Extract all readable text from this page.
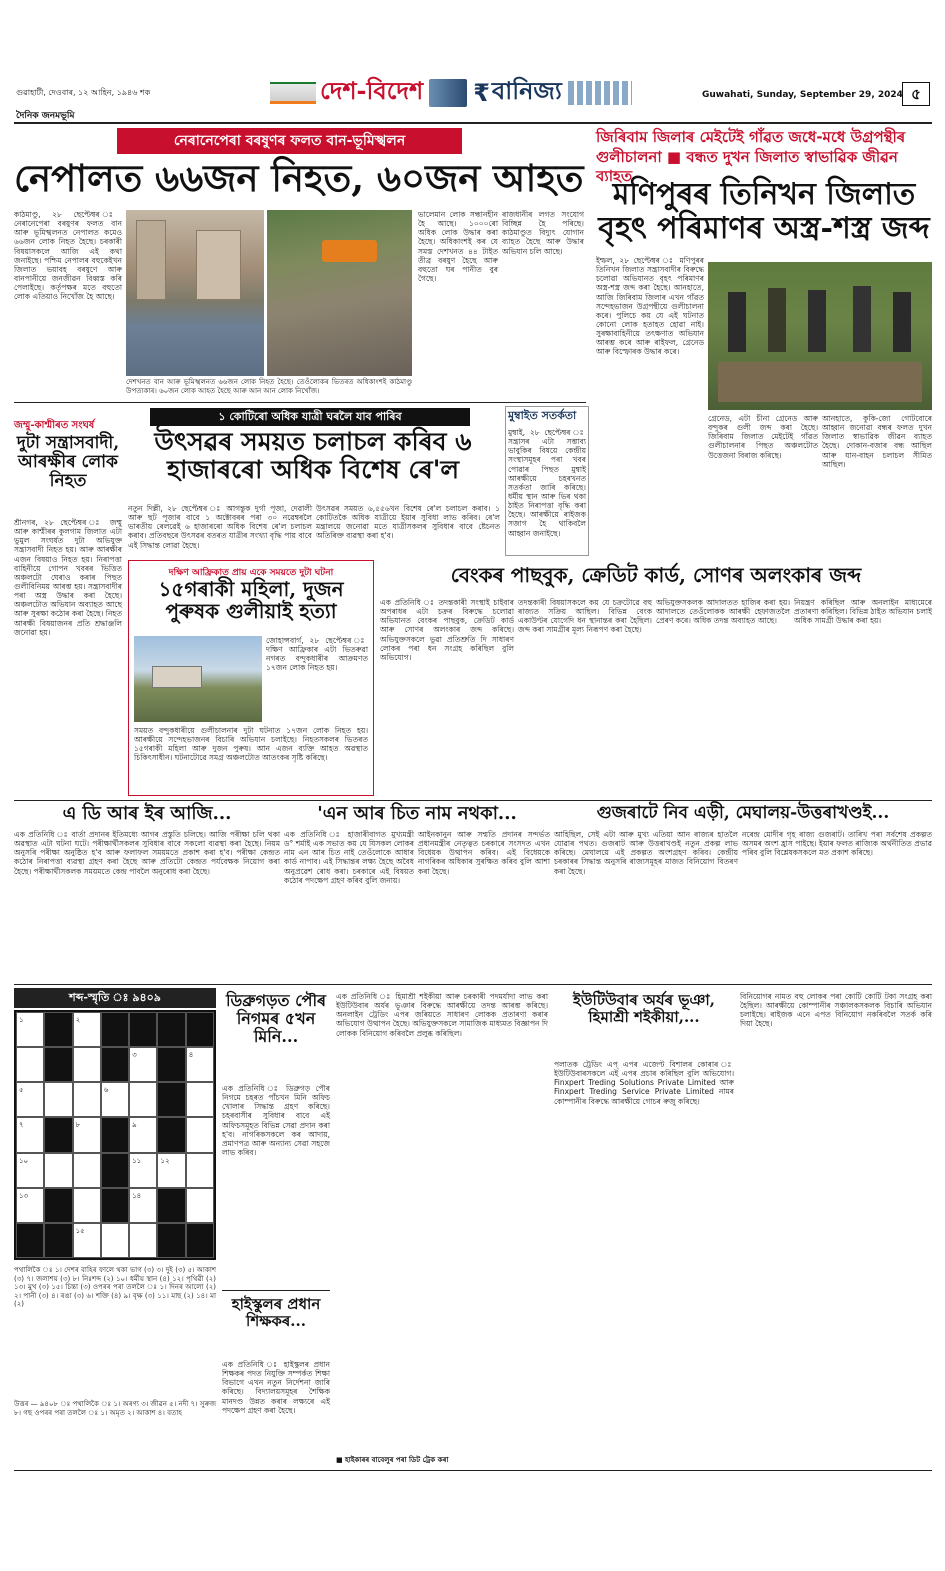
গুৱাহাটী, দেওবাৰ, ১২ আহিন, ১৯৪৬ শক
দৈনিক জনমভূমি
দেশ-বিদেশ ₹ বানিজ্য	Guwahati, Sunday, September 29, 2024 ৫
নেৰানেপেৰা বৰষুণৰ ফলত বান-ভূমিস্খলন
নেপালত ৬৬জন নিহত, ৬০জন আহত
কাঠমাণ্ডু, ২৮ ছেপ্টেম্বৰ ঃ নেৰানেপেৰা বৰষুণৰ ফলত বান আৰু ভূমিস্খলনত নেপালত কমেও ৬৬জন লোক নিহত হৈছে। চৰকাৰী বিষয়াসকলে আজি এই কথা জনাইছে। পশ্চিম নেপালৰ বহুকেইখন জিলাত ভয়াবহ বৰষুণে আৰু বানপানীয়ে জনজীৱন বিধ্বস্ত কৰি পেলাইছে। কৰ্তৃপক্ষৰ মতে বহুতো লোক এতিয়াও নিখোঁজ হৈ আছে।
দেশখনত বান আৰু ভূমিস্খলনত ৬৬জন লোক নিহত হৈছে। তেওঁলোকৰ ভিতৰত অধিকাংশই কাঠমাণ্ডু উপত্যকাৰ। ৬০জন লোক আহত হৈছে আৰু আন আন লোক নিখোঁজ।
ভালেমান লোক সন্ধানহীন হৈ আছে। ১০০০ৰো অধিক লোক উদ্ধাৰ কৰা হৈছে। অধিকাংশই কৰ যে সমস্ত দেশখনত ৪৪ টাইত তীব্ৰ বৰষুণ হৈছে আৰু বহুতো ঘৰ পানীত বুৰ গৈছে।
ৰাজধানীৰ লগত সংযোগ বিচ্ছিন্ন হৈ পৰিছে। কাঠমাণ্ডুত বিদ্যুৎ যোগান ব্যাহত হৈছে আৰু উদ্ধাৰ অভিযান চলি আছে।
জিৰিবাম জিলাৰ মেইটেই গাঁৱত জধে-মধে উগ্ৰপন্থীৰ গুলীচালনা ■ বন্ধত দুখন জিলাত স্বাভাৱিক জীৱন ব্যাহত
মণিপুৰৰ তিনিখন জিলাত বৃহৎ পৰিমাণৰ অস্ত্ৰ-শস্ত্ৰ জব্দ
ইম্ফল, ২৮ ছেপ্টেম্বৰ ঃ মণিপুৰৰ তিনিখন জিলাত সন্ত্ৰাসবাদীৰ বিৰুদ্ধে চলোৱা অভিযানত বৃহৎ পৰিমাণৰ অস্ত্ৰ-শস্ত্ৰ জব্দ কৰা হৈছে। আনহাতে, আজি জিৰিবাম জিলাৰ এখন গাঁৱত সন্দেহভাজন উগ্ৰপন্থীয়ে গুলীচালনা কৰে। পুলিচে কয় যে এই ঘটনাত কোনো লোক হতাহত হোৱা নাই। সুৰক্ষাবাহিনীয়ে তৎক্ষণাত অভিযান আৰম্ভ কৰে আৰু ৰাইফল, গ্ৰেনেড আৰু বিস্ফোৰক উদ্ধাৰ কৰে।
গ্ৰেনেড, এটা চীনা গ্ৰেনেড আৰু বন্দুকৰ গুলী জব্দ কৰা হৈছে। জিৰিবাম জিলাত মেইটেই গাঁৱত গুলীচালনাৰ পিছত অঞ্চলটোত উত্তেজনা বিৰাজ কৰিছে।
আনহাতে, কুকি-জো গোটবোৰে আহ্বান জনোৱা বন্ধৰ ফলত দুখন জিলাত স্বাভাৱিক জীৱন ব্যাহত হৈছে। দোকান-বজাৰ বন্ধ আছিল আৰু যান-বাহন চলাচল সীমিত আছিল।
জম্মু-কাশ্মীৰত সংঘৰ্ষ
দুটা সন্ত্ৰাসবাদী, আৰক্ষীৰ লোক নিহত
শ্ৰীনগৰ, ২৮ ছেপ্টেম্বৰ ঃ জম্মু আৰু কাশ্মীৰৰ কুলগাম জিলাত এটা ভুমুল সংঘৰ্ষত দুটা অভিযুক্ত সন্ত্ৰাসবাদী নিহত হয়। আৰু আৰক্ষীৰ এজন বিষয়াও নিহত হয়। নিৰাপত্তা বাহিনীয়ে গোপন খবৰৰ ভিত্তিত অঞ্চলটো ঘেৰাও কৰাৰ পিছত গুলীবিনিময় আৰম্ভ হয়। সন্ত্ৰাসবাদীৰ পৰা অস্ত্ৰ উদ্ধাৰ কৰা হৈছে। অঞ্চলটোত অভিযান অব্যাহত আছে আৰু সুৰক্ষা কঠোৰ কৰা হৈছে। নিহত আৰক্ষী বিষয়াজনৰ প্ৰতি শ্ৰদ্ধাঞ্জলি জনোৱা হয়।
১ কোটিৰো অধিক যাত্ৰী ঘৰলৈ যাব পাৰিব
উৎসৱৰ সময়ত চলাচল কৰিব ৬ হাজাৰৰো অধিক বিশেষ ৰে'ল
নতুন দিল্লী, ২৮ ছেপ্টেম্বৰ ঃ আগন্তুক দুৰ্গা পূজা, দেৱালী আৰু ছট পূজাৰ বাবে ১ অক্টোবৰৰ পৰা ৩০ নৱেম্বৰলৈ ভাৰতীয় ৰেলৱেই ৬ হাজাৰৰো অধিক বিশেষ ৰে'ল চলাচল কৰাব। প্ৰতিবছৰে উৎসৱৰ বতৰত যাত্ৰীৰ সংখ্যা বৃদ্ধি পায় বাবে এই সিদ্ধান্ত লোৱা হৈছে।
উৎসৱৰ সময়ত ৬,৫৫৬খন বিশেষ ৰে'ল চলাচল কৰাব। ১ কোটিতকৈ অধিক যাত্ৰীয়ে ইয়াৰ সুবিধা লাভ কৰিব। ৰে'ল মন্ত্ৰালয়ে জনোৱা মতে যাত্ৰীসকলৰ সুবিধাৰ বাবে ষ্টেচনত অতিৰিক্ত ব্যৱস্থা কৰা হ'ব।
মুম্বাইত সতৰ্কতা
মুম্বাই, ২৮ ছেপ্টেম্বৰ ঃ সন্ত্ৰাসৰ এটা সম্ভাব্য ভাবুকিৰ বিষয়ে কেন্দ্ৰীয় সংস্থাসমূহৰ পৰা খবৰ পোৱাৰ পিছত মুম্বাই আৰক্ষীয়ে চহৰখনত সতৰ্কতা জাৰি কৰিছে। ধৰ্মীয় স্থান আৰু ভিৰ থকা ঠাইত নিৰাপত্তা বৃদ্ধি কৰা হৈছে। আৰক্ষীয়ে ৰাইজক সজাগ হৈ থাকিবলৈ আহ্বান জনাইছে।
দক্ষিণ আফ্ৰিকাত প্ৰায় একে সময়তে দুটা ঘটনা
১৫গৰাকী মহিলা, দুজন পুৰুষক গুলীয়াই হত্যা
জোহান্সবাৰ্গ, ২৮ ছেপ্টেম্বৰ ঃ দক্ষিণ আফ্ৰিকাৰ এটা ভিতৰুৱা নগৰত বন্দুকধাৰীৰ আক্ৰমণত ১৭জন লোক নিহত হয়।
সময়ত বন্দুকধাৰীয়ে গুলীচালনাৰ দুটা ঘটনাত ১৭জন লোক নিহত হয়। আৰক্ষীয়ে সন্দেহভাজনৰ বিচাৰি অভিযান চলাইছে। নিহতসকলৰ ভিতৰত ১৫গৰাকী মহিলা আৰু দুজন পুৰুষ। আন এজন ব্যক্তি আহত অৱস্থাত চিকিৎসাধীন। ঘটনাটোৱে সমগ্ৰ অঞ্চলটোত আতংকৰ সৃষ্টি কৰিছে।
বেংকৰ পাছবুক, ক্ৰেডিট কাৰ্ড, সোণৰ অলংকাৰ জব্দ
এক প্ৰতিনিধি ঃ তদন্তকাৰী সংস্থাই চাইবাৰ অপৰাধৰ এটা চক্ৰৰ বিৰুদ্ধে চলোৱা অভিযানত বেংকৰ পাছবুক, ক্ৰেডিট কাৰ্ড আৰু সোণৰ অলংকাৰ জব্দ কৰিছে। অভিযুক্তসকলে ভুৱা প্ৰতিশ্ৰুতি দি সাধাৰণ লোকৰ পৰা ধন সংগ্ৰহ কৰিছিল বুলি অভিযোগ।
তদন্তকাৰী বিষয়াসকলে কয় যে চক্ৰটোৱে বহু ৰাজ্যত সক্ৰিয় আছিল। বিভিন্ন বেংক একাউণ্টৰ যোগেদি ধন স্থানান্তৰ কৰা হৈছিল। জব্দ কৰা সামগ্ৰীৰ মূল্য নিৰূপণ কৰা হৈছে।
অভিযুক্তসকলক আদালতত হাজিৰ কৰা হয়। আদালতে তেওঁলোকক আৰক্ষী হেফাজতলৈ প্ৰেৰণ কৰে। অধিক তদন্ত অব্যাহত আছে।
নিয়ন্ত্ৰণ কৰিছিল আৰু অনলাইন মাধ্যমেৰে প্ৰতাৰণা কৰিছিল। বিভিন্ন ঠাইত অভিযান চলাই অধিক সামগ্ৰী উদ্ধাৰ কৰা হয়।
এ ডি আৰ ইৰ আজি...	'এন আৰ চিত নাম নথকা...	গুজৰাটে নিব এড়ী, মেঘালয়-উত্তৰাখণ্ডই...
এক প্ৰতিনিধি ঃ বাৰ্তা প্ৰদানৰ ইতিমধ্যে আগৰ প্ৰস্তুতি চলিছে। আজি পৰীক্ষা চলি থকা অৱস্থাত এটা ঘটনা ঘটে। পৰীক্ষাৰ্থীসকলৰ সুবিধাৰ বাবে সকলো ব্যৱস্থা কৰা হৈছে। নিয়ম অনুসৰি পৰীক্ষা অনুষ্ঠিত হ'ব আৰু ফলাফল সময়মতে প্ৰকাশ কৰা হ'ব। পৰীক্ষা কেন্দ্ৰত কঠোৰ নিৰাপত্তা ব্যৱস্থা গ্ৰহণ কৰা হৈছে আৰু প্ৰতিটো কেন্দ্ৰত পৰ্যবেক্ষক নিয়োগ কৰা হৈছে। পৰীক্ষাৰ্থীসকলক সময়মতে কেন্দ্ৰ পাবলৈ অনুৰোধ কৰা হৈছে।
এক প্ৰতিনিধি ঃ হাজাৰীবাগত মুখ্যমন্ত্ৰী ড° শৰ্মাই এক সভাত কয় যে যিসকল লোকৰ নাম এন আৰ চিত নাই তেওঁলোকে আধাৰ কাৰ্ড নাপাব। এই সিদ্ধান্তৰ লক্ষ্য হৈছে অবৈধ অনুপ্ৰৱেশ ৰোধ কৰা। চৰকাৰে এই বিষয়ত কঠোৰ পদক্ষেপ গ্ৰহণ কৰিব বুলি জনায়।
আইনকানুন আৰু সন্মতি প্ৰদানৰ সন্দৰ্ভত প্ৰধানমন্ত্ৰীৰ নেতৃত্বত চৰকাৰে সংসদত এখন বিধেয়ক উত্থাপন কৰিব। এই বিধেয়কে নাগৰিকৰ অধিকাৰ সুৰক্ষিত কৰিব বুলি আশা কৰা হৈছে।
আহিছিল, সেই এটা আৰু মুখ্য এতিয়া আন ৰাজ্যৰ হাতলৈ যোৱাৰ পথত। গুজৰাট আৰু উত্তৰাখণ্ডই নতুন প্ৰকল্প লাভ কৰিছে। মেঘালয়ে এই প্ৰকল্পত অংশগ্ৰহণ কৰিব। কেন্দ্ৰীয় চৰকাৰৰ সিদ্ধান্ত অনুসৰি ৰাজ্যসমূহৰ মাজত বিনিয়োগ বিতৰণ কৰা হৈছে।
নৰেন্দ্ৰ মোদীৰ গৃহ ৰাজ্য গুজৰাট। তাৰিখ পৰা সৰ্বশেষ প্ৰকল্পত অসমৰ অংশ হ্ৰাস পাইছে। ইয়াৰ ফলত ৰাজ্যিক অৰ্থনীতিত প্ৰভাৱ পৰিব বুলি বিশ্লেষকসকলে মত প্ৰকাশ কৰিছে।
শব্দ-স্মৃতি ঃ ৯৪০৯
১	২
৩	৪
৫	৬
৭	৮	৯
১০	১১	১২
১৩	১৪
১৫
পথালিকৈ ঃ ১। দেশৰ বাহিৰ ফালে থকা ভাগ (৩) ৩। দুই (৩) ৫। আকাশ (৩) ৭। জলাশয় (৩) ৮। নিঃশব্দ (২) ১০। ধৰ্মীয় স্থান (৪) ১২। পৃথিৱী (২) ১৩। মুখ (৩) ১৫। চিন্তা (৩) ওপৰৰ পৰা তললৈ ঃ ১। দিনৰ আলো (২) ২। পানী (৩) ৪। ৰঙা (৩) ৬। শক্তি (৪) ৯। বৃক্ষ (৩) ১১। মাছ (২) ১৪। মা (২)
উত্তৰ — ৯৪০৮ ঃ পথালিকৈ ঃ ১। অৰণ্য ৩। জীৱন ৫। নদী ৭। সুৰুজ ৮। গছ ওপৰৰ পৰা তললৈ ঃ ১। অমৃত ২। আকাশ ৪। বতাহ
ডিব্ৰুগড়ত পৌৰ নিগমৰ ৫খন মিনি...
এক প্ৰতিনিধি ঃ ডিব্ৰুগড় পৌৰ নিগমে চহৰত পাঁচখন মিনি অফিচ খোলাৰ সিদ্ধান্ত গ্ৰহণ কৰিছে। চহৰবাসীৰ সুবিধাৰ বাবে এই অফিচসমূহত বিভিন্ন সেৱা প্ৰদান কৰা হ'ব। নাগৰিকসকলে কৰ আদায়, প্ৰমাণপত্ৰ আৰু অন্যান্য সেৱা সহজে লাভ কৰিব।
হাইস্কুলৰ প্ৰধান শিক্ষকৰ...
এক প্ৰতিনিধি ঃ হাইস্কুলৰ প্ৰধান শিক্ষকৰ পদত নিযুক্তি সম্পৰ্কত শিক্ষা বিভাগে এখন নতুন নিৰ্দেশনা জাৰি কৰিছে। বিদ্যালয়সমূহৰ শৈক্ষিক মানদণ্ড উন্নত কৰাৰ লক্ষ্যৰে এই পদক্ষেপ গ্ৰহণ কৰা হৈছে।
এক প্ৰতিনিধি ঃ হিমাশ্ৰী শইকীয়া আৰু চৰকাৰী পদমৰ্যাদা লাভ কৰা ইউটিউবাৰ অৰ্যৰ ভূঞাৰ বিৰুদ্ধে আৰক্ষীয়ে তদন্ত আৰম্ভ কৰিছে। অনলাইন ট্ৰেডিং এপৰ জৰিয়তে সাধাৰণ লোকক প্ৰতাৰণা কৰাৰ অভিযোগ উত্থাপন হৈছে। অভিযুক্তসকলে সামাজিক মাধ্যমত বিজ্ঞাপন দি লোকক বিনিয়োগ কৰিবলৈ প্ৰলুব্ধ কৰিছিল।
ইউটিউবাৰ অৰ্যৰ ভূঞা, হিমাশ্ৰী শইকীয়া,...
পলাতক ট্ৰেডিং এপ্‌ এপৰ এজেণ্ট বিশালৰ কোৰাৰ ঃ ইউটিউবাৰসকলে এই এপৰ প্ৰচাৰ কৰিছিল বুলি অভিযোগ। Finxpert Treding Solutions Private Limited আৰু Finxpert Treding Service Private Limited নামৰ কোম্পানীৰ বিৰুদ্ধে আৰক্ষীয়ে গোচৰ ৰুজু কৰিছে।
বিনিয়োগৰ নামত বহু লোকৰ পৰা কোটি কোটি টকা সংগ্ৰহ কৰা হৈছিল। আৰক্ষীয়ে কোম্পানীৰ সঞ্চালকসকলক বিচাৰি অভিযান চলাইছে। ৰাইজক এনে এপত বিনিয়োগ নকৰিবলৈ সতৰ্ক কৰি দিয়া হৈছে।
■ হাইকাৰৰ বাবেলুৰ পৰা ডিট ট্ৰেক কৰা
